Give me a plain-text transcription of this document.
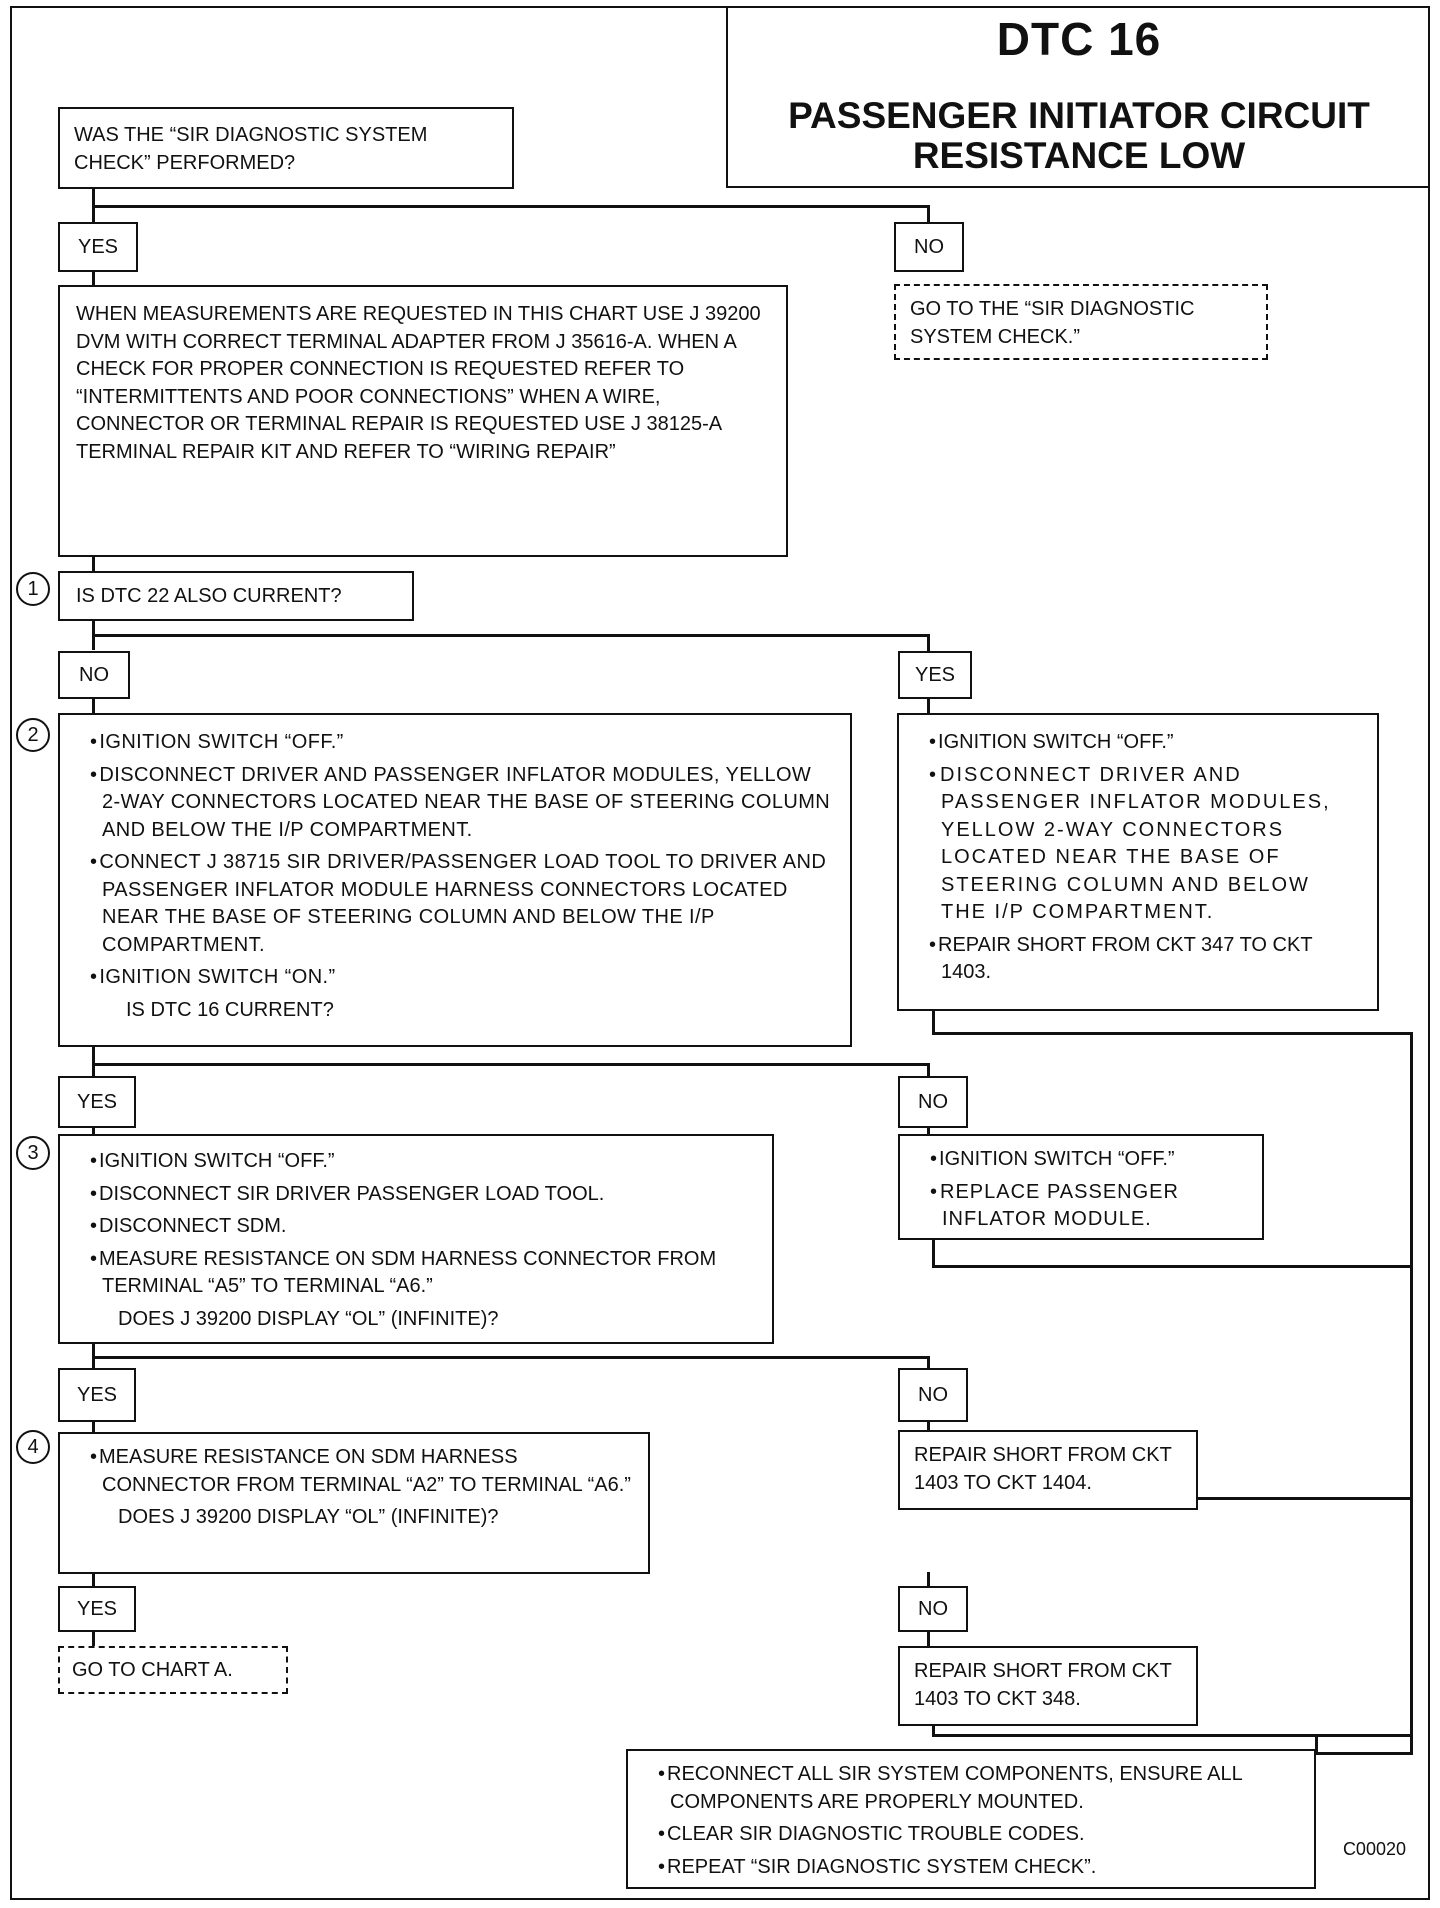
DTC 16
PASSENGER INITIATOR CIRCUIT RESISTANCE LOW
WAS THE “SIR DIAGNOSTIC SYSTEM CHECK” PERFORMED?
YES	NO
GO TO THE “SIR DIAGNOSTIC SYSTEM CHECK.”
WHEN MEASUREMENTS ARE REQUESTED IN THIS CHART USE J 39200 DVM WITH CORRECT TERMINAL ADAPTER FROM J 35616-A. WHEN A CHECK FOR PROPER CONNECTION IS REQUESTED REFER TO “INTERMITTENTS AND POOR CONNECTIONS” WHEN A WIRE, CONNECTOR OR TERMINAL REPAIR IS REQUESTED USE J 38125-A TERMINAL REPAIR KIT AND REFER TO “WIRING REPAIR”
1	IS DTC 22 ALSO CURRENT?
NO	YES
2	• IGNITION SWITCH “OFF.”
• DISCONNECT DRIVER AND PASSENGER INFLATOR MODULES, YELLOW 2-WAY CONNECTORS LOCATED NEAR THE BASE OF STEERING COLUMN AND BELOW THE I/P COMPARTMENT.
• CONNECT J 38715 SIR DRIVER/PASSENGER LOAD TOOL TO DRIVER AND PASSENGER INFLATOR MODULE HARNESS CONNECTORS LOCATED NEAR THE BASE OF STEERING COLUMN AND BELOW THE I/P COMPARTMENT.
• IGNITION SWITCH “ON.”
IS DTC 16 CURRENT?
• IGNITION SWITCH “OFF.”
• DISCONNECT DRIVER AND PASSENGER INFLATOR MODULES, YELLOW 2-WAY CONNECTORS LOCATED NEAR THE BASE OF STEERING COLUMN AND BELOW THE I/P COMPARTMENT.
• REPAIR SHORT FROM CKT 347 TO CKT 1403.
YES	NO
3	• IGNITION SWITCH “OFF.”
• DISCONNECT SIR DRIVER PASSENGER LOAD TOOL.
• DISCONNECT SDM.
• MEASURE RESISTANCE ON SDM HARNESS CONNECTOR FROM TERMINAL “A5” TO TERMINAL “A6.”
DOES J 39200 DISPLAY “OL” (INFINITE)?
• IGNITION SWITCH “OFF.”
• REPLACE PASSENGER INFLATOR MODULE.
YES	NO
4	• MEASURE RESISTANCE ON SDM HARNESS CONNECTOR FROM TERMINAL “A2” TO TERMINAL “A6.”
DOES J 39200 DISPLAY “OL” (INFINITE)?
REPAIR SHORT FROM CKT 1403 TO CKT 1404.
YES	NO
GO TO CHART A.	REPAIR SHORT FROM CKT 1403 TO CKT 348.
• RECONNECT ALL SIR SYSTEM COMPONENTS, ENSURE ALL COMPONENTS ARE PROPERLY MOUNTED.
• CLEAR SIR DIAGNOSTIC TROUBLE CODES.
• REPEAT “SIR DIAGNOSTIC SYSTEM CHECK”.
C00020
